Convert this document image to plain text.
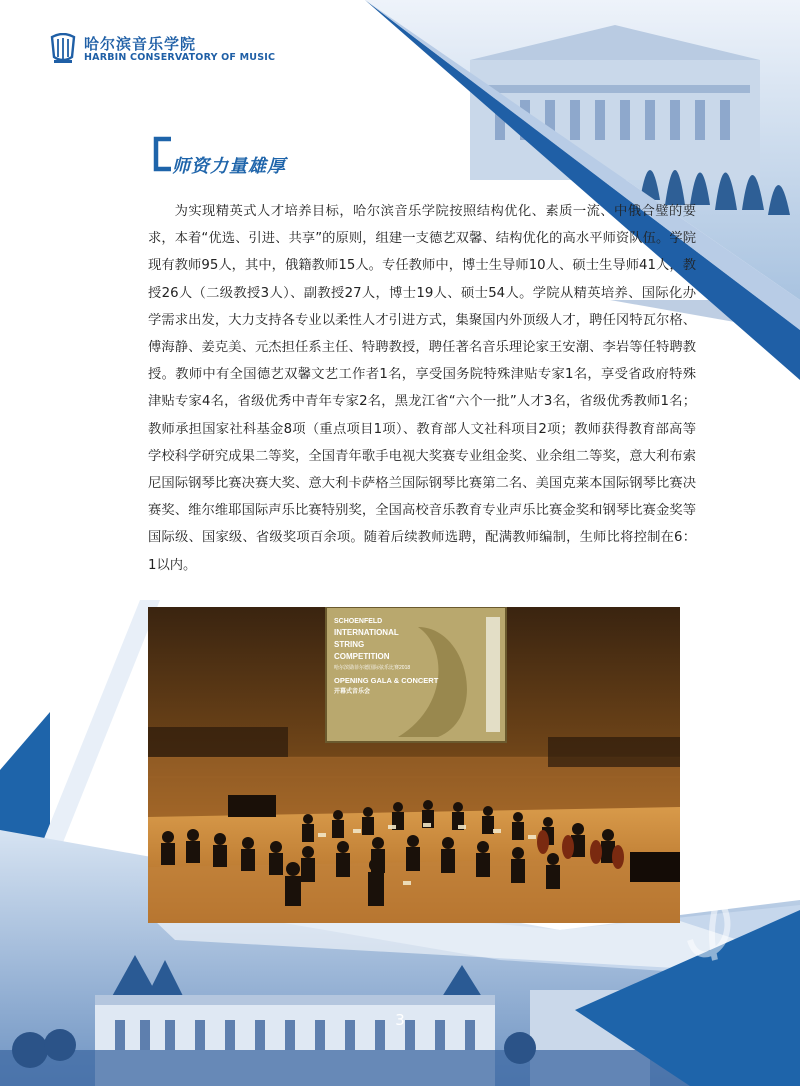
哈尔滨音乐学院
HARBIN CONSERVATORY OF MUSIC
师资力量雄厚

为实现精英式人才培养目标，哈尔滨音乐学院按照结构优化、素质一流、中俄合璧的要求，本着“优选、引进、共享”的原则，组建一支德艺双馨、结构优化的高水平师资队伍。学院现有教师95人，其中，俄籍教师15人。专任教师中，博士生导师10人、硕士生导师41人，教授26人（二级教授3人）、副教授27人，博士19人、硕士54人。学院从精英培养、国际化办学需求出发，大力支持各专业以柔性人才引进方式，集聚国内外顶级人才，聘任冈特瓦尔格、傅海静、姜克美、元杰担任系主任、特聘教授，聘任著名音乐理论家王安潮、李岩等任特聘教授。教师中有全国德艺双馨文艺工作者1名，享受国务院特殊津贴专家1名，享受省政府特殊津贴专家4名，省级优秀中青年专家2名，黑龙江省“六个一批”人才3名，省级优秀教师1名；教师承担国家社科基金8项（重点项目1项）、教育部人文社科项目2项；教师获得教育部高等学校科学研究成果二等奖，全国青年歌手电视大奖赛专业组金奖、业余组二等奖，意大利布索尼国际钢琴比赛决赛大奖、意大利卡萨格兰国际钢琴比赛第二名、美国克莱本国际钢琴比赛决赛奖、维尔维耶国际声乐比赛特别奖，全国高校音乐教育专业声乐比赛金奖和钢琴比赛金奖等国际级、国家级、省级奖项百余项。随着后续教师选聘，配满教师编制，生师比将控制在6：1以内。

SCHOENFELD
INTERNATIONAL
STRING
COMPETITION
哈尔滨勋菲尔德国际弦乐比赛2018
OPENING GALA & CONCERT
开幕式音乐会
3
